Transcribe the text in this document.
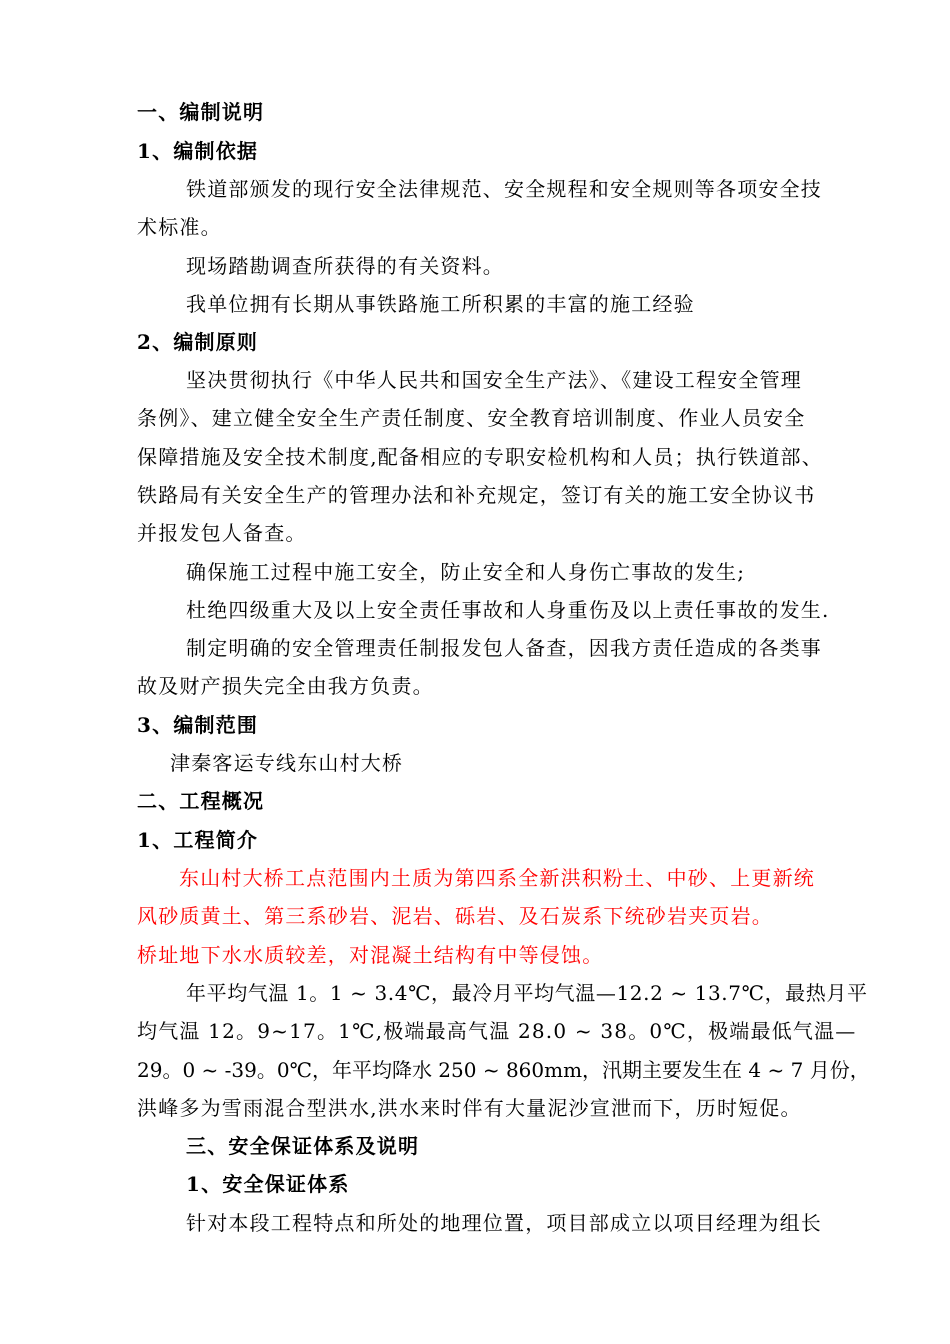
一、编制说明
1、编制依据
铁道部颁发的现行安全法律规范、安全规程和安全规则等各项安全技
术标准。
现场踏勘调查所获得的有关资料。
我单位拥有长期从事铁路施工所积累的丰富的施工经验
2、编制原则
坚决贯彻执行《中华人民共和国安全生产法》、《建设工程安全管理
条例》、建立健全安全生产责任制度、安全教育培训制度、作业人员安全
保障措施及安全技术制度,配备相应的专职安检机构和人员；执行铁道部、
铁路局有关安全生产的管理办法和补充规定，签订有关的施工安全协议书
并报发包人备查。
确保施工过程中施工安全，防止安全和人身伤亡事故的发生;
杜绝四级重大及以上安全责任事故和人身重伤及以上责任事故的发生.
制定明确的安全管理责任制报发包人备查，因我方责任造成的各类事
故及财产损失完全由我方负责。
3、编制范围
津秦客运专线东山村大桥
二、工程概况
1、工程简介
东山村大桥工点范围内土质为第四系全新洪积粉土、中砂、上更新统
风砂质黄土、第三系砂岩、泥岩、砾岩、及石炭系下统砂岩夹页岩。
桥址地下水水质较差，对混凝土结构有中等侵蚀。
年平均气温 1。1 ~ 3.4℃，最冷月平均气温—12.2 ~ 13.7℃，最热月平
均气温 12。9~17。1℃,极端最高气温 28.0 ~ 38。0℃，极端最低气温—
29。0 ~ -39。0℃，年平均降水 250 ~ 860mm，汛期主要发生在 4 ~ 7 月份，
洪峰多为雪雨混合型洪水,洪水来时伴有大量泥沙宣泄而下，历时短促。
三、安全保证体系及说明
1、安全保证体系
针对本段工程特点和所处的地理位置，项目部成立以项目经理为组长
